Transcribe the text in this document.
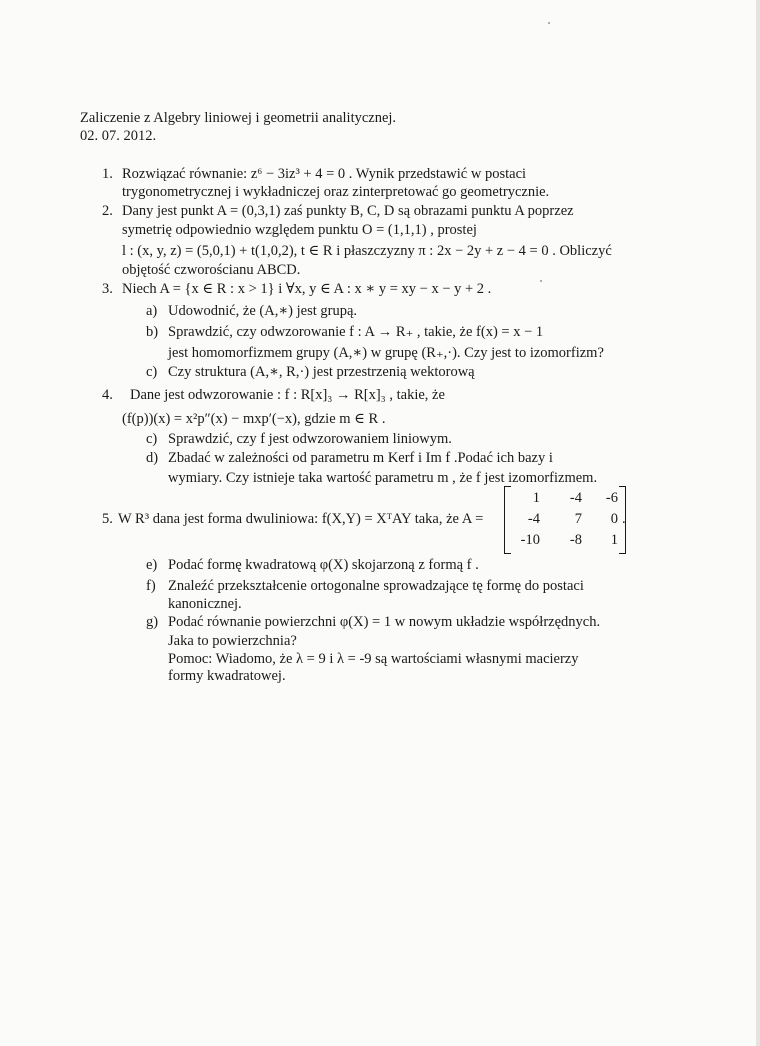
Zaliczenie z Algebry liniowej i geometrii analitycznej.
02. 07. 2012.
1. Rozwiązać równanie: z⁶ − 3iz³ + 4 = 0 . Wynik przedstawić w postaci
trygonometrycznej i wykładniczej oraz zinterpretować go geometrycznie.
2. Dany jest punkt A = (0,3,1) zaś punkty B, C, D są obrazami punktu A poprzez
symetrię odpowiednio względem punktu O = (1,1,1) , prostej
l : (x, y, z) = (5,0,1) + t(1,0,2), t ∈ R i płaszczyzny π : 2x − 2y + z − 4 = 0 . Obliczyć
objętość czworościanu ABCD.
3. Niech A = {x ∈ R : x > 1} i ∀x, y ∈ A : x ∗ y = xy − x − y + 2 .
a) Udowodnić, że (A,∗) jest grupą.
b) Sprawdzić, czy odwzorowanie f : A → R₊ , takie, że f(x) = x − 1
jest homomorfizmem grupy (A,∗) w grupę (R₊,·). Czy jest to izomorfizm?
c) Czy struktura (A,∗, R,·) jest przestrzenią wektorową
4. Dane jest odwzorowanie : f : R[x]₃ → R[x]₃ , takie, że
(f(p))(x) = x²p″(x) − mxp′(−x), gdzie m ∈ R .
c) Sprawdzić, czy f jest odwzorowaniem liniowym.
d) Zbadać w zależności od parametru m Kerf i Im f .Podać ich bazy i
wymiary. Czy istnieje taka wartość parametru m , że f jest izomorfizmem.
5. W R³ dana jest forma dwuliniowa: f(X,Y) = XᵀAY taka, że A =
1	-4	-6
-4	7	0
-10	-8	1
.
e) Podać formę kwadratową φ(X) skojarzoną z formą f .
f) Znaleźć przekształcenie ortogonalne sprowadzające tę formę do postaci
kanonicznej.
g) Podać równanie powierzchni φ(X) = 1 w nowym układzie współrzędnych.
Jaka to powierzchnia?
Pomoc: Wiadomo, że λ = 9 i λ = -9 są wartościami własnymi macierzy
formy kwadratowej.
